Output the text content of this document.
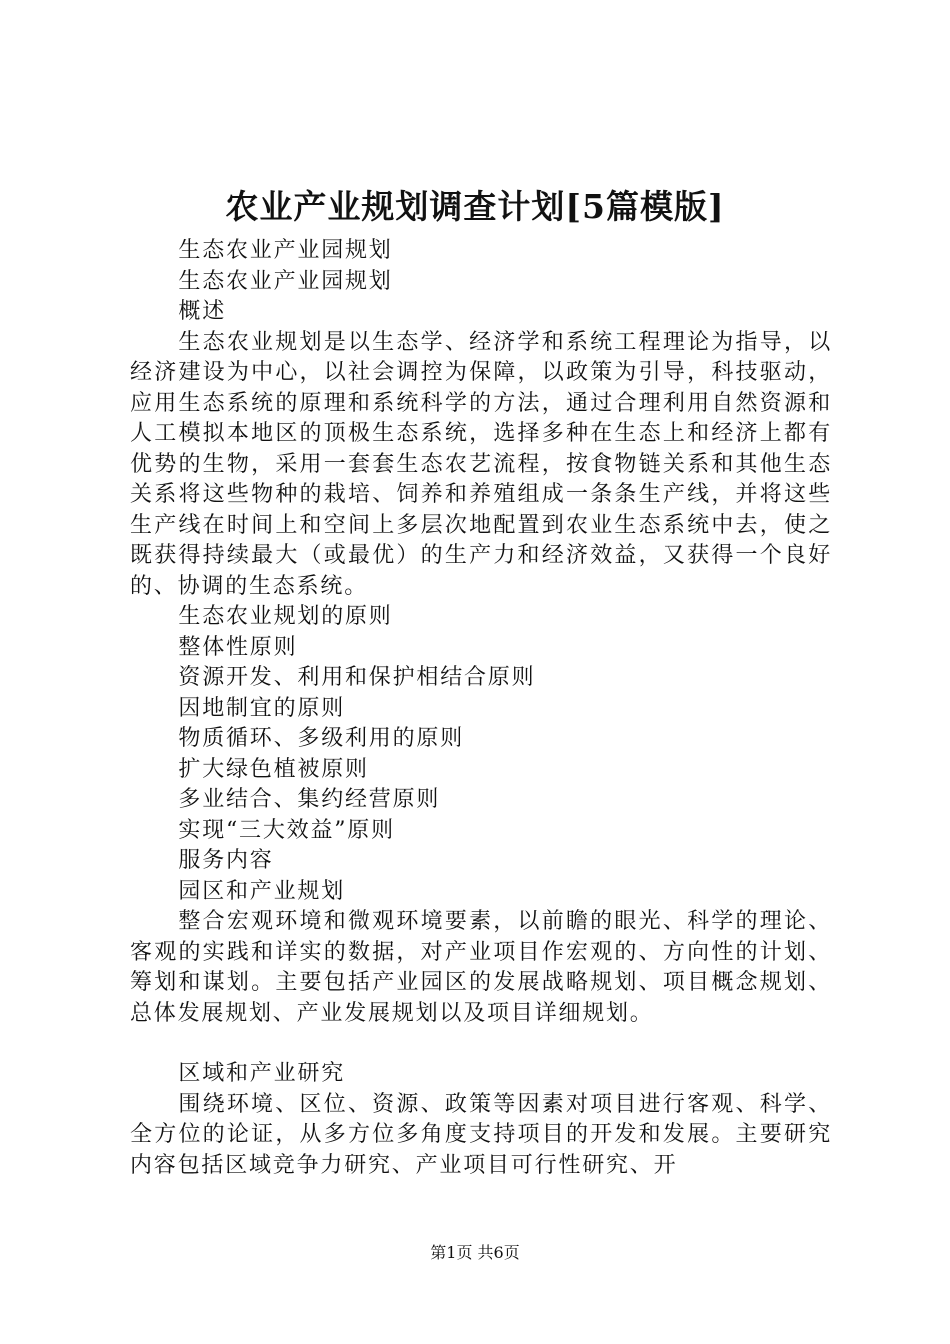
农业产业规划调查计划[5篇模版]

生态农业产业园规划

生态农业产业园规划

概述

生态农业规划是以生态学、经济学和系统工程理论为指导，以经济建设为中心，以社会调控为保障，以政策为引导，科技驱动，应用生态系统的原理和系统科学的方法，通过合理利用自然资源和人工模拟本地区的顶极生态系统，选择多种在生态上和经济上都有优势的生物，采用一套套生态农艺流程，按食物链关系和其他生态关系将这些物种的栽培、饲养和养殖组成一条条生产线，并将这些生产线在时间上和空间上多层次地配置到农业生态系统中去，使之既获得持续最大（或最优）的生产力和经济效益，又获得一个良好的、协调的生态系统。

生态农业规划的原则

整体性原则

资源开发、利用和保护相结合原则

因地制宜的原则

物质循环、多级利用的原则

扩大绿色植被原则

多业结合、集约经营原则

实现“三大效益”原则

服务内容

园区和产业规划

整合宏观环境和微观环境要素，以前瞻的眼光、科学的理论、客观的实践和详实的数据，对产业项目作宏观的、方向性的计划、筹划和谋划。主要包括产业园区的发展战略规划、项目概念规划、总体发展规划、产业发展规划以及项目详细规划。

区域和产业研究

围绕环境、区位、资源、政策等因素对项目进行客观、科学、全方位的论证，从多方位多角度支持项目的开发和发展。主要研究内容包括区域竞争力研究、产业项目可行性研究、开

第1页 共6页
